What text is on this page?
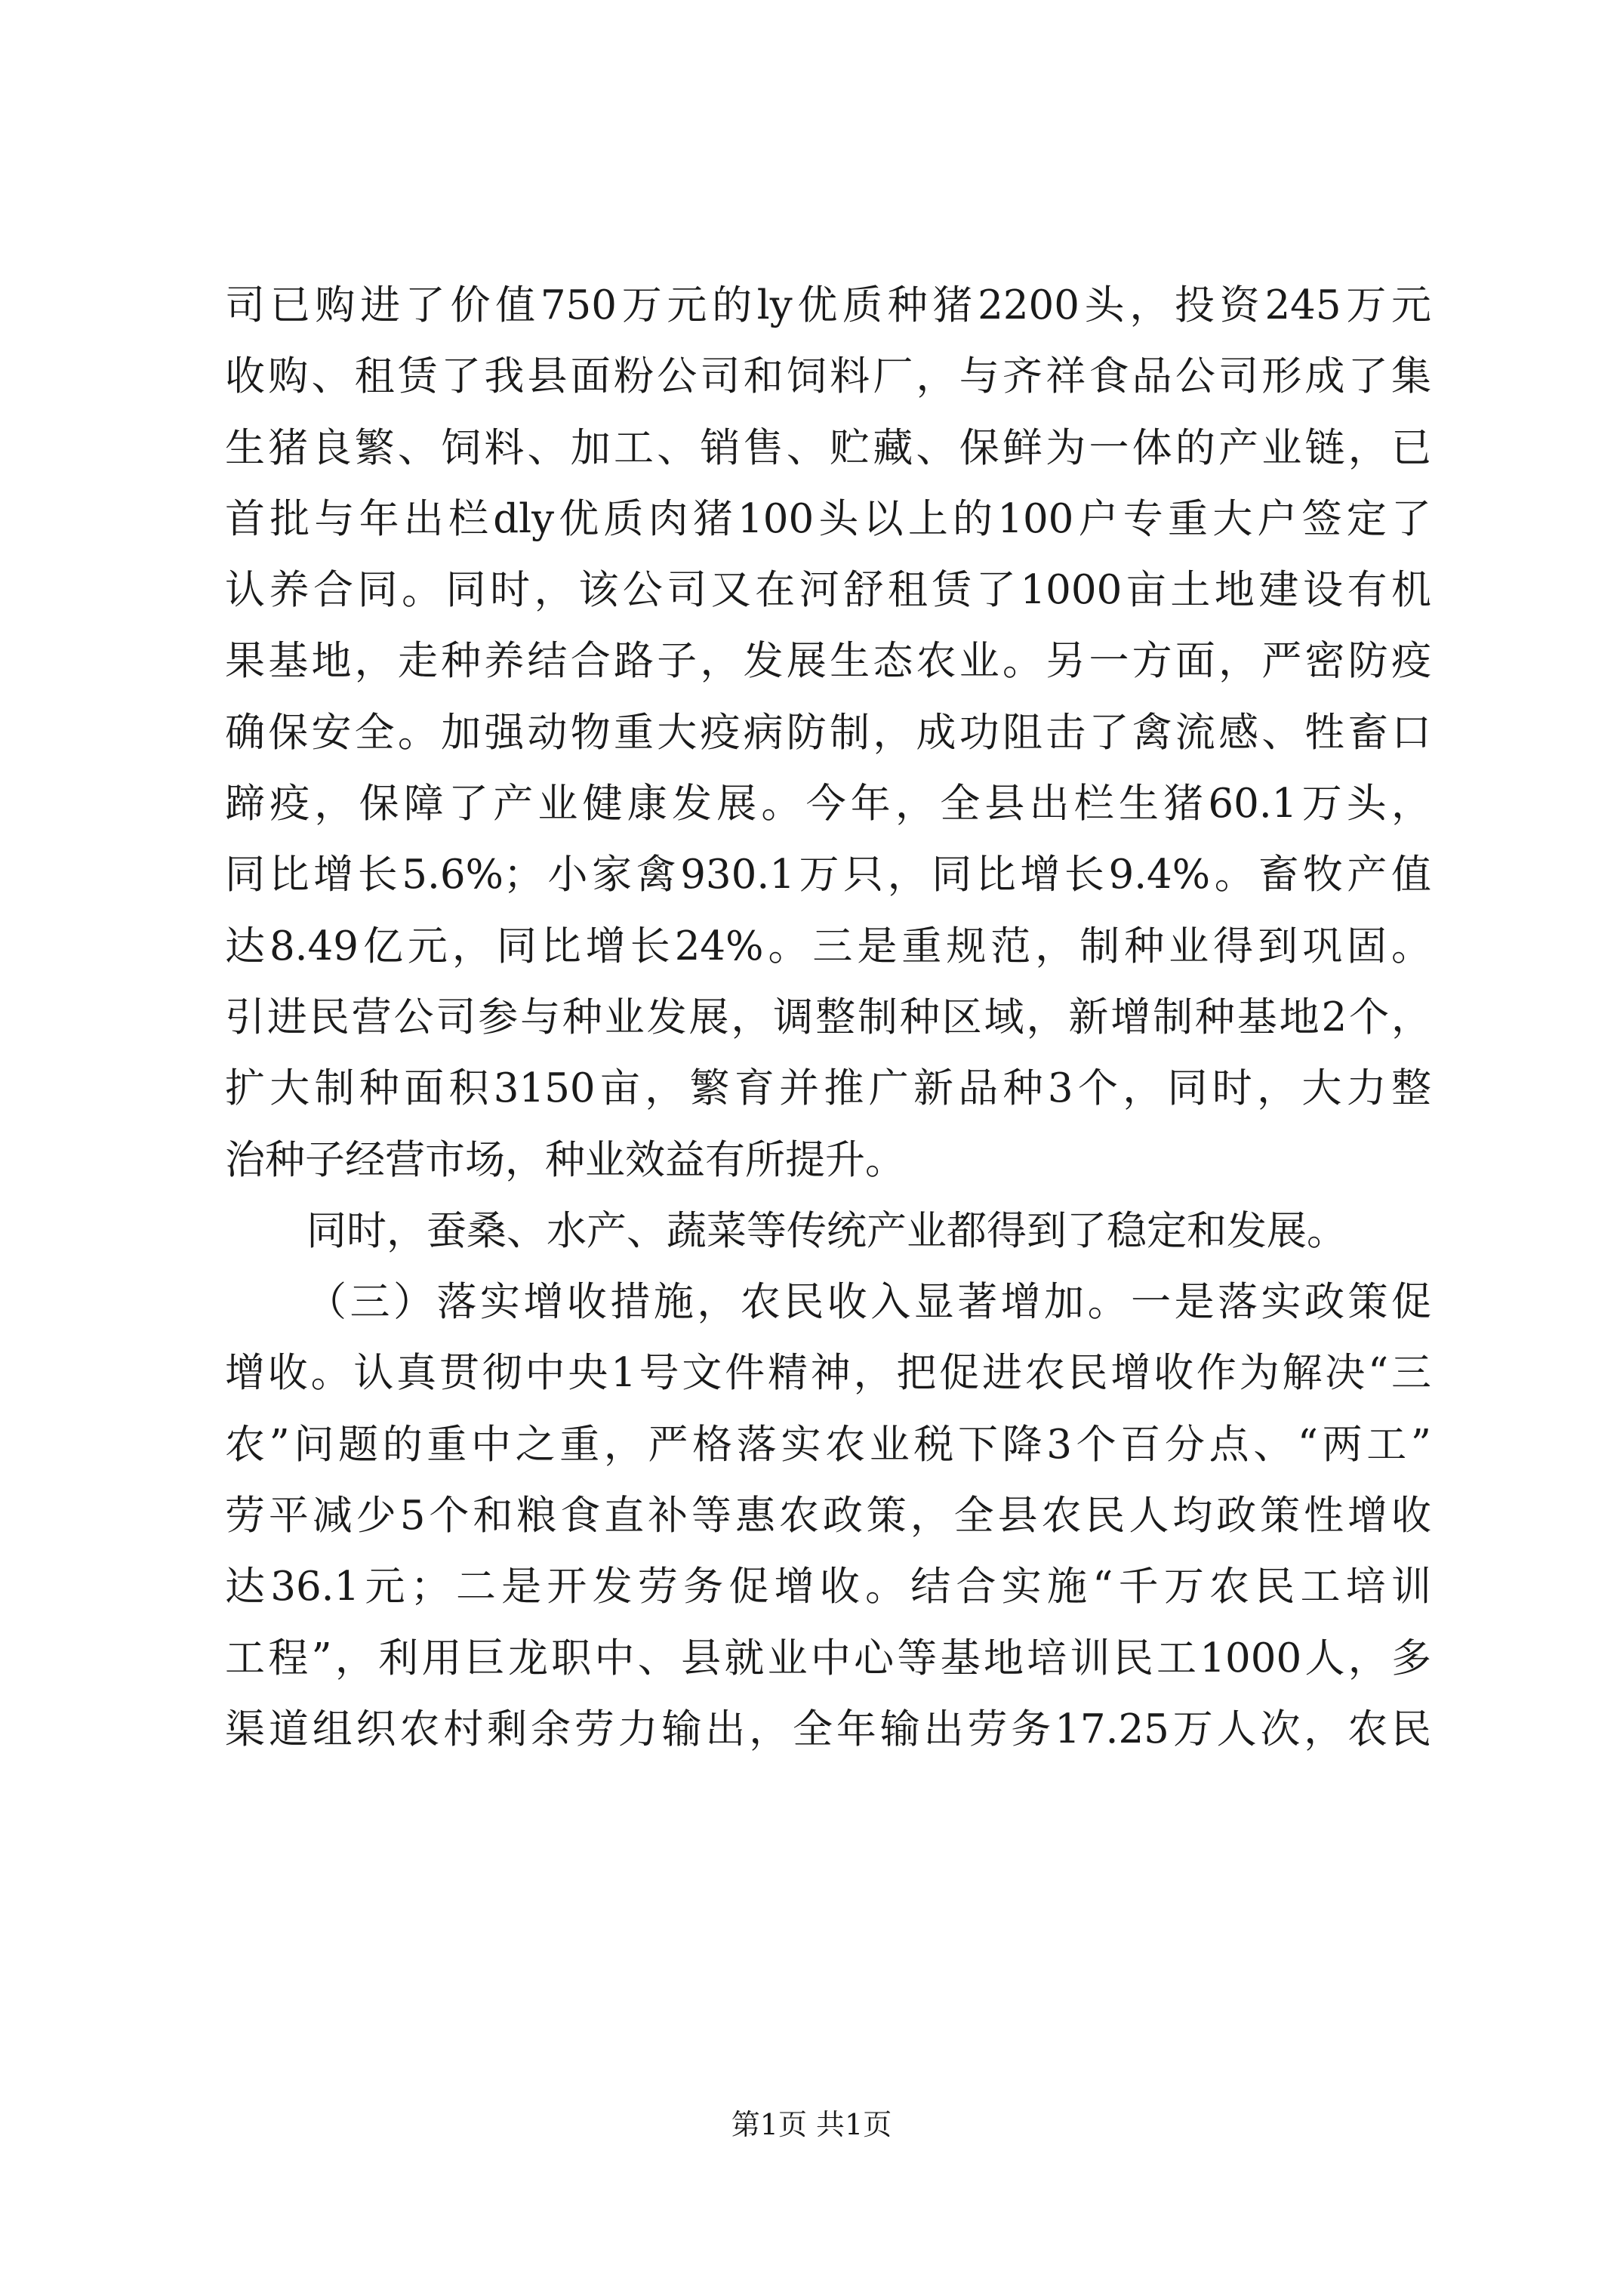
司已购进了价值750万元的ly优质种猪2200头，投资245万元
收购、租赁了我县面粉公司和饲料厂，与齐祥食品公司形成了集
生猪良繁、饲料、加工、销售、贮藏、保鲜为一体的产业链，已
首批与年出栏dly优质肉猪100头以上的100户专重大户签定了
认养合同。同时，该公司又在河舒租赁了1000亩土地建设有机
果基地，走种养结合路子，发展生态农业。另一方面，严密防疫
确保安全。加强动物重大疫病防制，成功阻击了禽流感、牲畜口
蹄疫，保障了产业健康发展。今年，全县出栏生猪60.1万头，
同比增长5.6%；小家禽930.1万只，同比增长9.4%。畜牧产值
达8.49亿元，同比增长24%。三是重规范，制种业得到巩固。
引进民营公司参与种业发展，调整制种区域，新增制种基地2个，
扩大制种面积3150亩，繁育并推广新品种3个，同时，大力整
治种子经营市场，种业效益有所提升。
同时，蚕桑、水产、蔬菜等传统产业都得到了稳定和发展。
（三）落实增收措施，农民收入显著增加。一是落实政策促
增收。认真贯彻中央1号文件精神，把促进农民增收作为解决“三
农”问题的重中之重，严格落实农业税下降3个百分点、“两工”
劳平减少5个和粮食直补等惠农政策，全县农民人均政策性增收
达36.1元；二是开发劳务促增收。结合实施“千万农民工培训
工程”，利用巨龙职中、县就业中心等基地培训民工1000人，多
渠道组织农村剩余劳力输出，全年输出劳务17.25万人次，农民
第1页 共1页
